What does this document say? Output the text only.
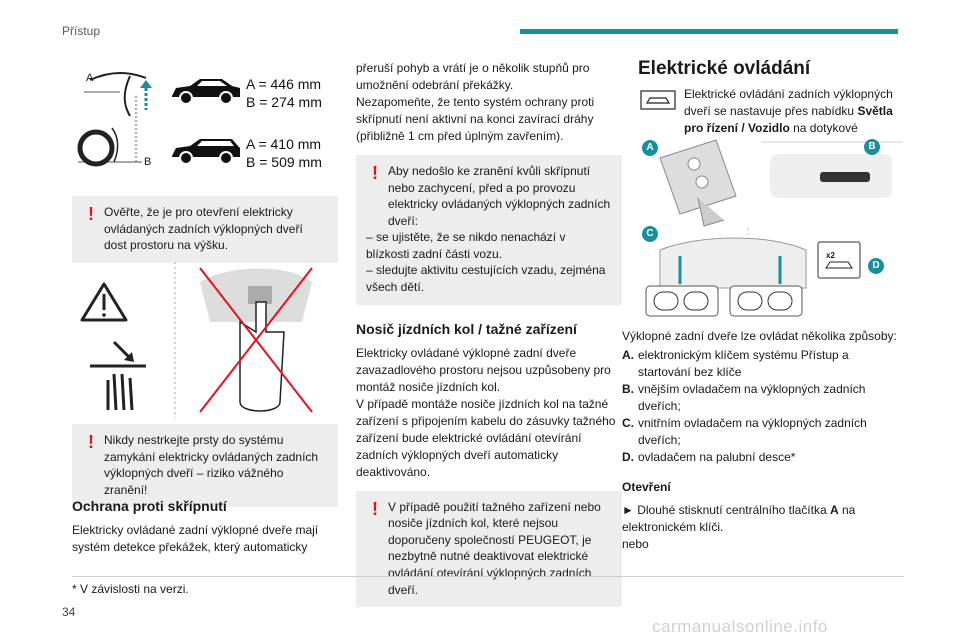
Přístup
A
B
A = 446 mm
B = 274 mm
A = 410 mm
B = 509 mm
! Ověřte, že je pro otevření elektricky ovládaných zadních výklopných dveří dost prostoru na výšku.

! Nikdy nestrkejte prsty do systému zamykání elektricky ovládaných zadních výklopných dveří – riziko vážného zranění!

Ochrana proti skřípnutí
Elektricky ovládané zadní výklopné dveře mají systém detekce překážek, který automaticky
přeruší pohyb a vrátí je o několik stupňů pro umožnění odebrání překážky.
Nezapomeňte, že tento systém ochrany proti skřípnutí není aktivní na konci zavírací dráhy (přibližně 1 cm před úplným zavřením).
! Aby nedošlo ke zranění kvůli skřípnutí nebo zachycení, před a po provozu elektricky ovládaných výklopných zadních dveří:

– se ujistěte, že se nikdo nenachází v blízkosti zadní části vozu.

– sledujte aktivitu cestujících vzadu, zejména všech dětí.

Nosič jízdních kol / tažné zařízení
Elektricky ovládané výklopné zadní dveře zavazadlového prostoru nejsou uzpůsobeny pro montáž nosiče jízdních kol.
V případě montáže nosiče jízdních kol na tažné zařízení s připojením kabelu do zásuvky tažného zařízení bude elektrické ovládání otevírání zadních výklopných dveří automaticky deaktivováno.
! V případě použití tažného zařízení nebo nosiče jízdních kol, které nejsou doporučeny společností PEUGEOT, je nezbytně nutné deaktivovat elektrické ovládání otevírání výklopných zadních dveří.

Elektrické ovládání
Elektrické ovládání zadních výklopných dveří se nastavuje přes nabídku Světla pro řízení / Vozidlo na dotykové
A	B
C
D
x2
Výklopné zadní dveře lze ovládat několika způsoby:
A. elektronickým klíčem systému Přístup a startování bez klíče
B. vnějším ovladačem na výklopných zadních dveřích;
C. vnitřním ovladačem na výklopných zadních dveřích;
D. ovladačem na palubní desce*
Otevření
► Dlouhé stisknutí centrálního tlačítka A na elektronickém klíči.
nebo
* V závislosti na verzi.
34
carmanualsonline.info
